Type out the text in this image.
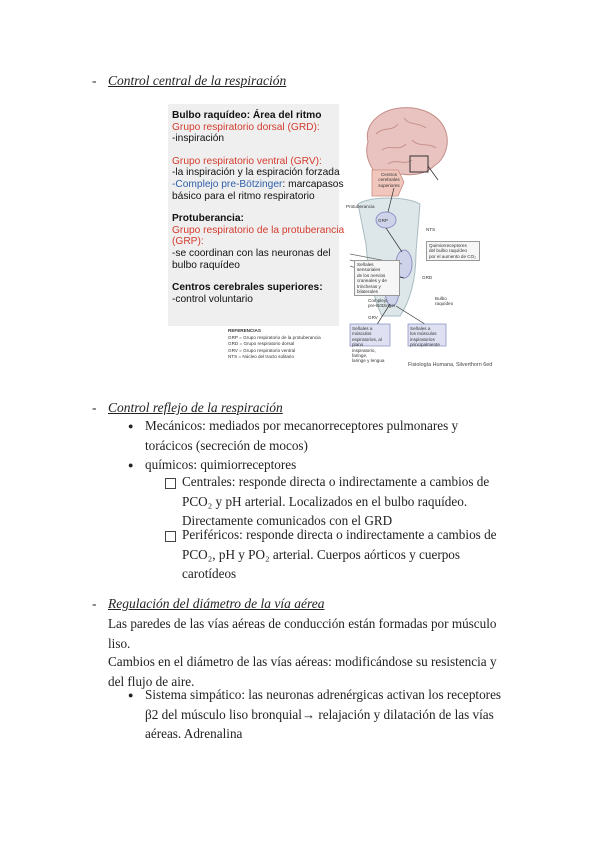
- Control central de la respiración
Bulbo raquídeo: Área del ritmo
Grupo respiratorio dorsal (GRD):
-inspiración
Grupo respiratorio ventral (GRV):
-la inspiración y la espiración forzada
-Complejo pre-Bötzinger: marcapasos
básico para el ritmo respiratorio
Protuberancia:
Grupo respiratorio de la protuberancia
(GRP):
-se coordinan con las neuronas del
bulbo raquídeo
Centros cerebrales superiores:
-control voluntario
REFERENCIAS
GRP = Grupo respiratorio de la protuberancia
GRD = Grupo respiratorio dorsal
GRV = Grupo respiratorio ventral
NTS = Núcleo del tracto solitario
Centros
cerebrales
superiores
Protuberancia
GRP
NTS
Quimiorreceptores
del bulbo raquídeo
por el aumento de CO₂
Señales sensoriales
de los nervios
craneales y de
trincheras y
bilaterales
GRD
Complejo
pre-Bötzinger
Bulbo
raquídeo
GRV
Señales a músculos
espiratorios, al plano
inspiratorio, faringe,
laringe y lengua
Señales a
los músculos
inspiratorios
principalmente
Fisiología Humana, Silverthorn 6ed
- Control reflejo de la respiración
● Mecánicos: mediados por mecanorreceptores pulmonares y
torácicos (secreción de mocos)
● químicos: quimiorreceptores
Centrales: responde directa o indirectamente a cambios de
PCO₂ y pH arterial. Localizados en el bulbo raquídeo.
Directamente comunicados con el GRD
Periféricos: responde directa o indirectamente a cambios de
PCO₂, pH y PO₂ arterial. Cuerpos aórticos y cuerpos
carotídeos
- Regulación del diámetro de la vía aérea
Las paredes de las vías aéreas de conducción están formadas por músculo
liso.
Cambios en el diámetro de las vías aéreas: modificándose su resistencia y
del flujo de aire.
● Sistema simpático: las neuronas adrenérgicas activan los receptores
β2 del músculo liso bronquial→ relajación y dilatación de las vías
aéreas. Adrenalina
